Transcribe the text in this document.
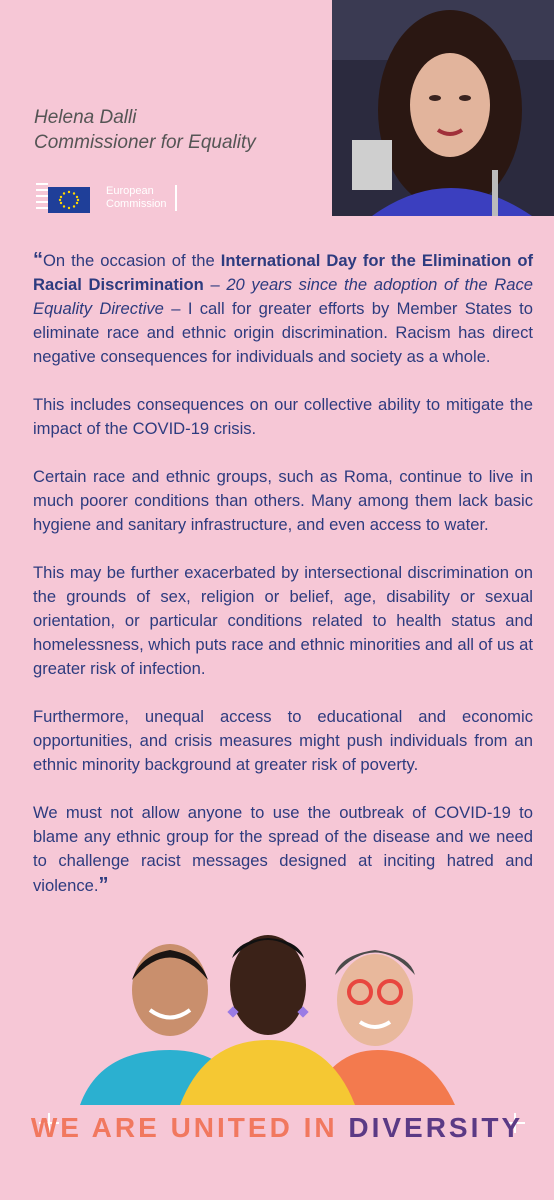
Helena Dalli
Commissioner for Equality
European
Commission

“On the occasion of the International Day for the Elimination of Racial Discrimination – 20 years since the adoption of the Race Equality Directive – I call for greater efforts by Member States to eliminate race and ethnic origin discrimination. Racism has direct negative consequences for individuals and society as a whole.

This includes consequences on our collective ability to mitigate the impact of the COVID-19 crisis.

Certain race and ethnic groups, such as Roma, continue to live in much poorer conditions than others. Many among them lack basic hygiene and sanitary infrastructure, and even access to water.

This may be further exacerbated by intersectional discrimination on the grounds of sex, religion or belief, age, disability or sexual orientation, or particular conditions related to health status and homelessness, which puts race and ethnic minorities and all of us at greater risk of infection.

Furthermore, unequal access to educational and economic opportunities, and crisis measures might push individuals from an ethnic minority background at greater risk of poverty.

We must not allow anyone to use the outbreak of COVID-19 to blame any ethnic group for the spread of the disease and we need to challenge racist messages designed at inciting hatred and violence.”

WE ARE UNITED IN DIVERSITY
